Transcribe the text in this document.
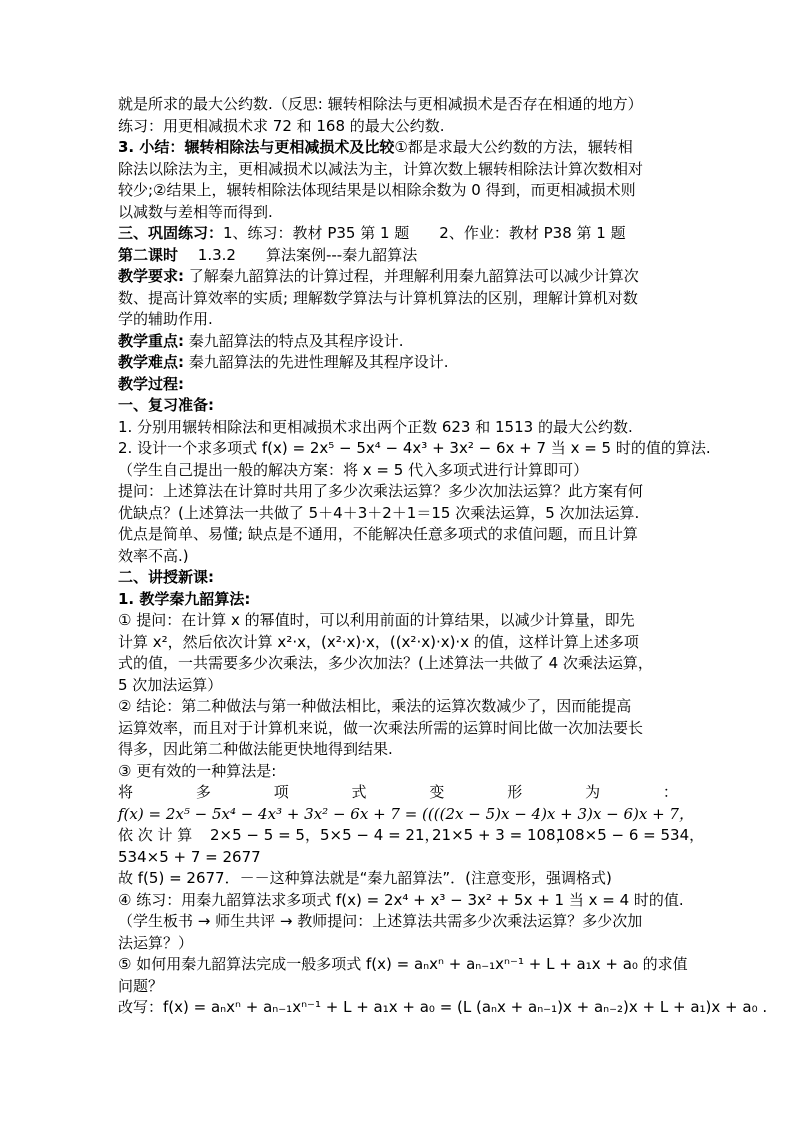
就是所求的最大公约数.（反思: 辗转相除法与更相减损术是否存在相通的地方）
练习：用更相减损术求 72 和 168 的最大公约数.
3. 小结：辗转相除法与更相减损术及比较①都是求最大公约数的方法，辗转相
除法以除法为主，更相减损术以减法为主，计算次数上辗转相除法计算次数相对
较少;②结果上，辗转相除法体现结果是以相除余数为 0 得到，而更相减损术则
以减数与差相等而得到.
三、巩固练习：1、练习：教材 P35 第 1 题　　2、作业：教材 P38 第 1 题
第二课时　 1.3.2　　算法案例---秦九韶算法
教学要求: 了解秦九韶算法的计算过程，并理解利用秦九韶算法可以减少计算次
数、提高计算效率的实质; 理解数学算法与计算机算法的区别，理解计算机对数
学的辅助作用.
教学重点: 秦九韶算法的特点及其程序设计.
教学难点: 秦九韶算法的先进性理解及其程序设计.
教学过程:
一、复习准备:
1. 分别用辗转相除法和更相减损术求出两个正数 623 和 1513 的最大公约数.
2. 设计一个求多项式 f(x) = 2x⁵ − 5x⁴ − 4x³ + 3x² − 6x + 7 当 x = 5 时的值的算法.
（学生自己提出一般的解决方案：将 x = 5 代入多项式进行计算即可）
提问：上述算法在计算时共用了多少次乘法运算？多少次加法运算？此方案有何
优缺点？(上述算法一共做了 5＋4＋3＋2＋1＝15 次乘法运算，5 次加法运算.
优点是简单、易懂; 缺点是不通用，不能解决任意多项式的求值问题，而且计算
效率不高.)
二、讲授新课:
1. 教学秦九韶算法:
① 提问：在计算 x 的幂值时，可以利用前面的计算结果，以减少计算量，即先
计算 x²，然后依次计算 x²·x，(x²·x)·x，((x²·x)·x)·x 的值，这样计算上述多项
式的值，一共需要多少次乘法，多少次加法？(上述算法一共做了 4 次乘法运算，
5 次加法运算）
② 结论：第二种做法与第一种做法相比，乘法的运算次数减少了，因而能提高
运算效率，而且对于计算机来说，做一次乘法所需的运算时间比做一次加法要长
得多，因此第二种做法能更快地得到结果.
③ 更有效的一种算法是:
将	多	项	式	变	形	为	：
f(x) = 2x⁵ − 5x⁴ − 4x³ + 3x² − 6x + 7 = ((((2x − 5)x − 4)x + 3)x − 6)x + 7，
依 次 计 算	2×5 − 5 = 5， 5×5 − 4 = 21，
21×5 + 3 = 108，
108×5 − 6 = 534，
534×5 + 7 = 2677
故 f(5) = 2677．－－这种算法就是“秦九韶算法”．(注意变形，强调格式)
④ 练习：用秦九韶算法求多项式 f(x) = 2x⁴ + x³ − 3x² + 5x + 1 当 x = 4 时的值.
（学生板书 → 师生共评 → 教师提问：上述算法共需多少次乘法运算？多少次加
法运算？）
⑤ 如何用秦九韶算法完成一般多项式 f(x) = aₙxⁿ + aₙ₋₁xⁿ⁻¹ + L + a₁x + a₀ 的求值
问题？
改写：f(x) = aₙxⁿ + aₙ₋₁xⁿ⁻¹ + L + a₁x + a₀ = (L (aₙx + aₙ₋₁)x + aₙ₋₂)x + L + a₁)x + a₀ .
